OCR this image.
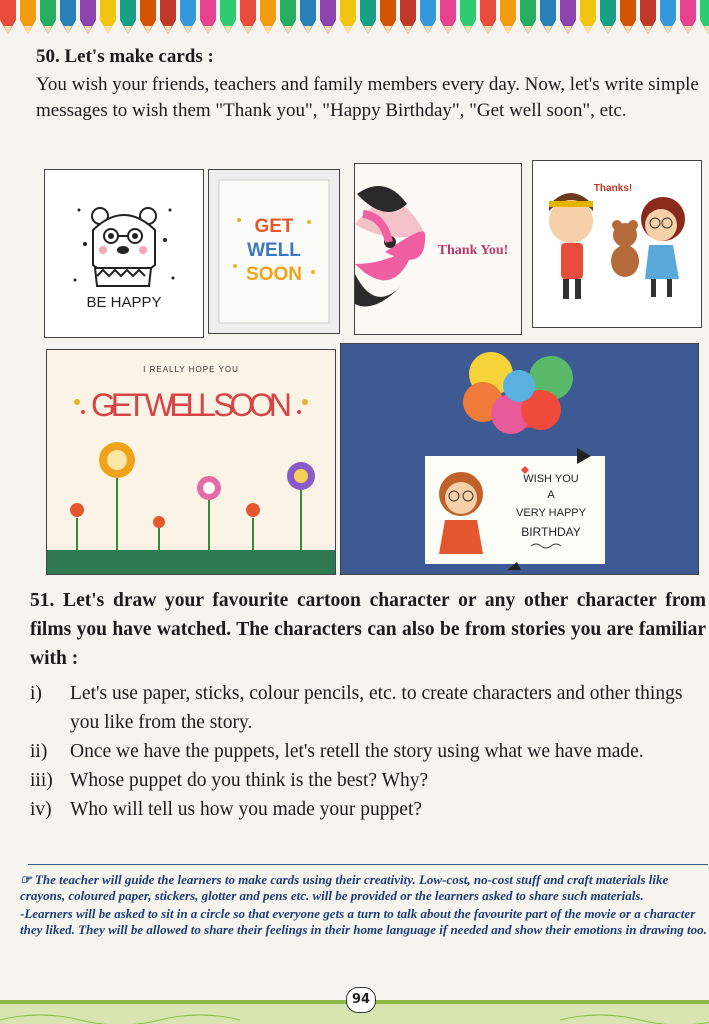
50. Let's make cards :
You wish your friends, teachers and family members every day. Now, let's write simple messages to wish them "Thank you", "Happy Birthday", "Get well soon", etc.
BE HAPPY
GET
WELL
SOON
Thank You!
Thanks!
I REALLY HOPE YOU
GET WELL SOON
WISH YOU
A
VERY HAPPY
BIRTHDAY
51. Let's draw your favourite cartoon character or any other character from films you have watched. The characters can also be from stories you are familiar with :
i)	Let's use paper, sticks, colour pencils, etc. to create characters and other things you like from the story.
ii)	Once we have the puppets, let's retell the story using what we have made.
iii) Whose puppet do you think is the best? Why?
iv) Who will tell us how you made your puppet?

☞ The teacher will guide the learners to make cards using their creativity. Low-cost, no-cost stuff and craft materials like crayons, coloured paper, stickers, glotter and pens etc. will be provided or the learners asked to share such materials.

-Learners will be asked to sit in a circle so that everyone gets a turn to talk about the favourite part of the movie or a character they liked. They will be allowed to share their feelings in their home language if needed and show their emotions in drawing too.

94
